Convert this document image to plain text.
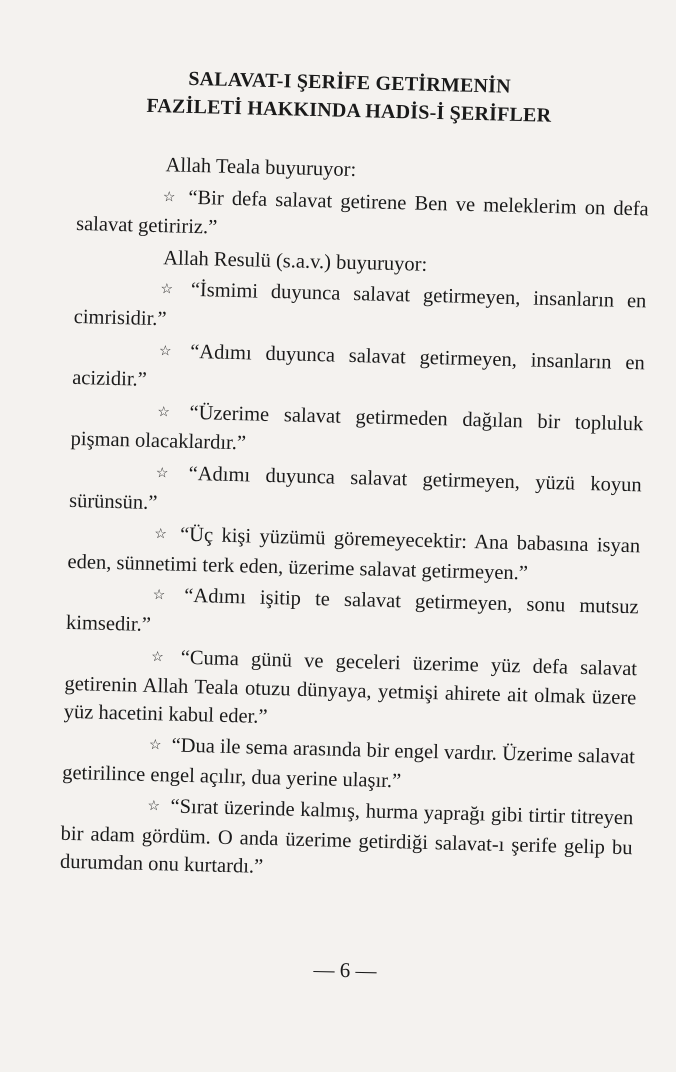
SALAVAT-I ŞERİFE GETİRMENİN
FAZİLETİ HAKKINDA HADİS-İ ŞERİFLER

Allah Teala buyuruyor:

☆ “Bir defa salavat getirene Ben ve meleklerim on defa salavat getiririz.”

Allah Resulü (s.a.v.) buyuruyor:

☆ “İsmimi duyunca salavat getirmeyen, insanların en cimrisidir.”

☆ “Adımı duyunca salavat getirmeyen, insanların en acizidir.”

☆ “Üzerime salavat getirmeden dağılan bir topluluk pişman olacaklardır.”

☆ “Adımı duyunca salavat getirmeyen, yüzü koyun sürünsün.”

☆ “Üç kişi yüzümü göremeyecektir: Ana babasına isyan eden, sünnetimi terk eden, üzerime salavat getirmeyen.”

☆ “Adımı işitip te salavat getirmeyen, sonu mutsuz kimsedir.”

☆ “Cuma günü ve geceleri üzerime yüz defa salavat getirenin Allah Teala otuzu dünyaya, yetmişi ahirete ait olmak üzere yüz hacetini kabul eder.”

☆ “Dua ile sema arasında bir engel vardır. Üzerime salavat getirilince engel açılır, dua yerine ulaşır.”

☆ “Sırat üzerinde kalmış, hurma yaprağı gibi tirtir titreyen bir adam gördüm. O anda üzerime getirdiği salavat-ı şerife gelip bu durumdan onu kurtardı.”

— 6 —
